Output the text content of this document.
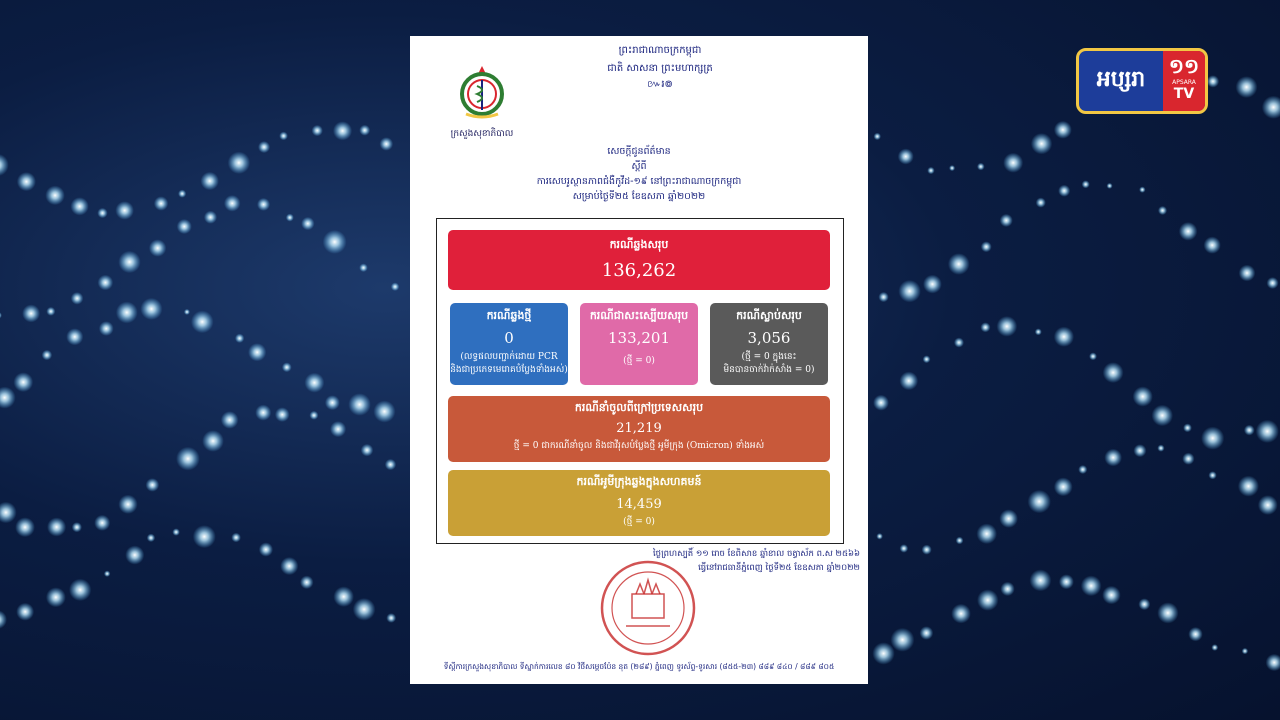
ក្រសួងសុខាភិបាល
ព្រះរាជាណាចក្រកម្ពុជា
ជាតិ សាសនា ព្រះមហាក្សត្រ
៚៛៙
សេចក្តីជូនព័ត៌មាន
ស្តីពី
ការសេបរូស្ថានភាពជំងឺកូវីដ-១៩ នៅព្រះរាជាណាចក្រកម្ពុជា
សម្រាប់ថ្ងៃទី២៥ ខែឧសភា ឆ្នាំ២០២២
ករណីឆ្លងសរុប
136,262
ករណីឆ្លងថ្មី
0
(លទ្ធផលបញ្ជាក់ដោយ PCR
និងជាប្រភេទមេរោគបំប្លែងទាំងអស់)
ករណីជាសះស្បើយសរុប
133,201
(ថ្មី = 0)
ករណីស្លាប់សរុប
3,056
(ថ្មី = 0 ក្នុងនេះ
មិនបានចាក់វ៉ាក់សាំង = 0)
ករណីនាំចូលពីក្រៅប្រទេសសរុប
21,219
ថ្មី = 0 ជាករណីនាំចូល និងជាវីរុសបំប្លែងថ្មី អូមីក្រុង (Omicron) ទាំងអស់
ករណីអូមីក្រុងឆ្លងក្នុងសហគមន៍
14,459
(ថ្មី = 0)
ថ្ងៃព្រហស្បតិ៍ ១១ រោច ខែពិសាខ ឆ្នាំខាល ចត្វាស័ក ព.ស ២៥៦៦
ធ្វើនៅរាជធានីភ្នំពេញ ថ្ងៃទី២៥ ខែឧសភា ឆ្នាំ២០២២
ទីស្តីការក្រសួងសុខាភិបាល ទីស្នាក់ការលេខ ៨០ វិថីសម្តេចប៉ែន នុត (២៨៩) ភ្នំពេញ ទូរស័ព្ទ-ទូរសារ (៨៥៥-២៣) ៨៨៩ ៨៤០ / ៨៨៩ ៨០៥
អប្សរា
១១
APSARA
TV
